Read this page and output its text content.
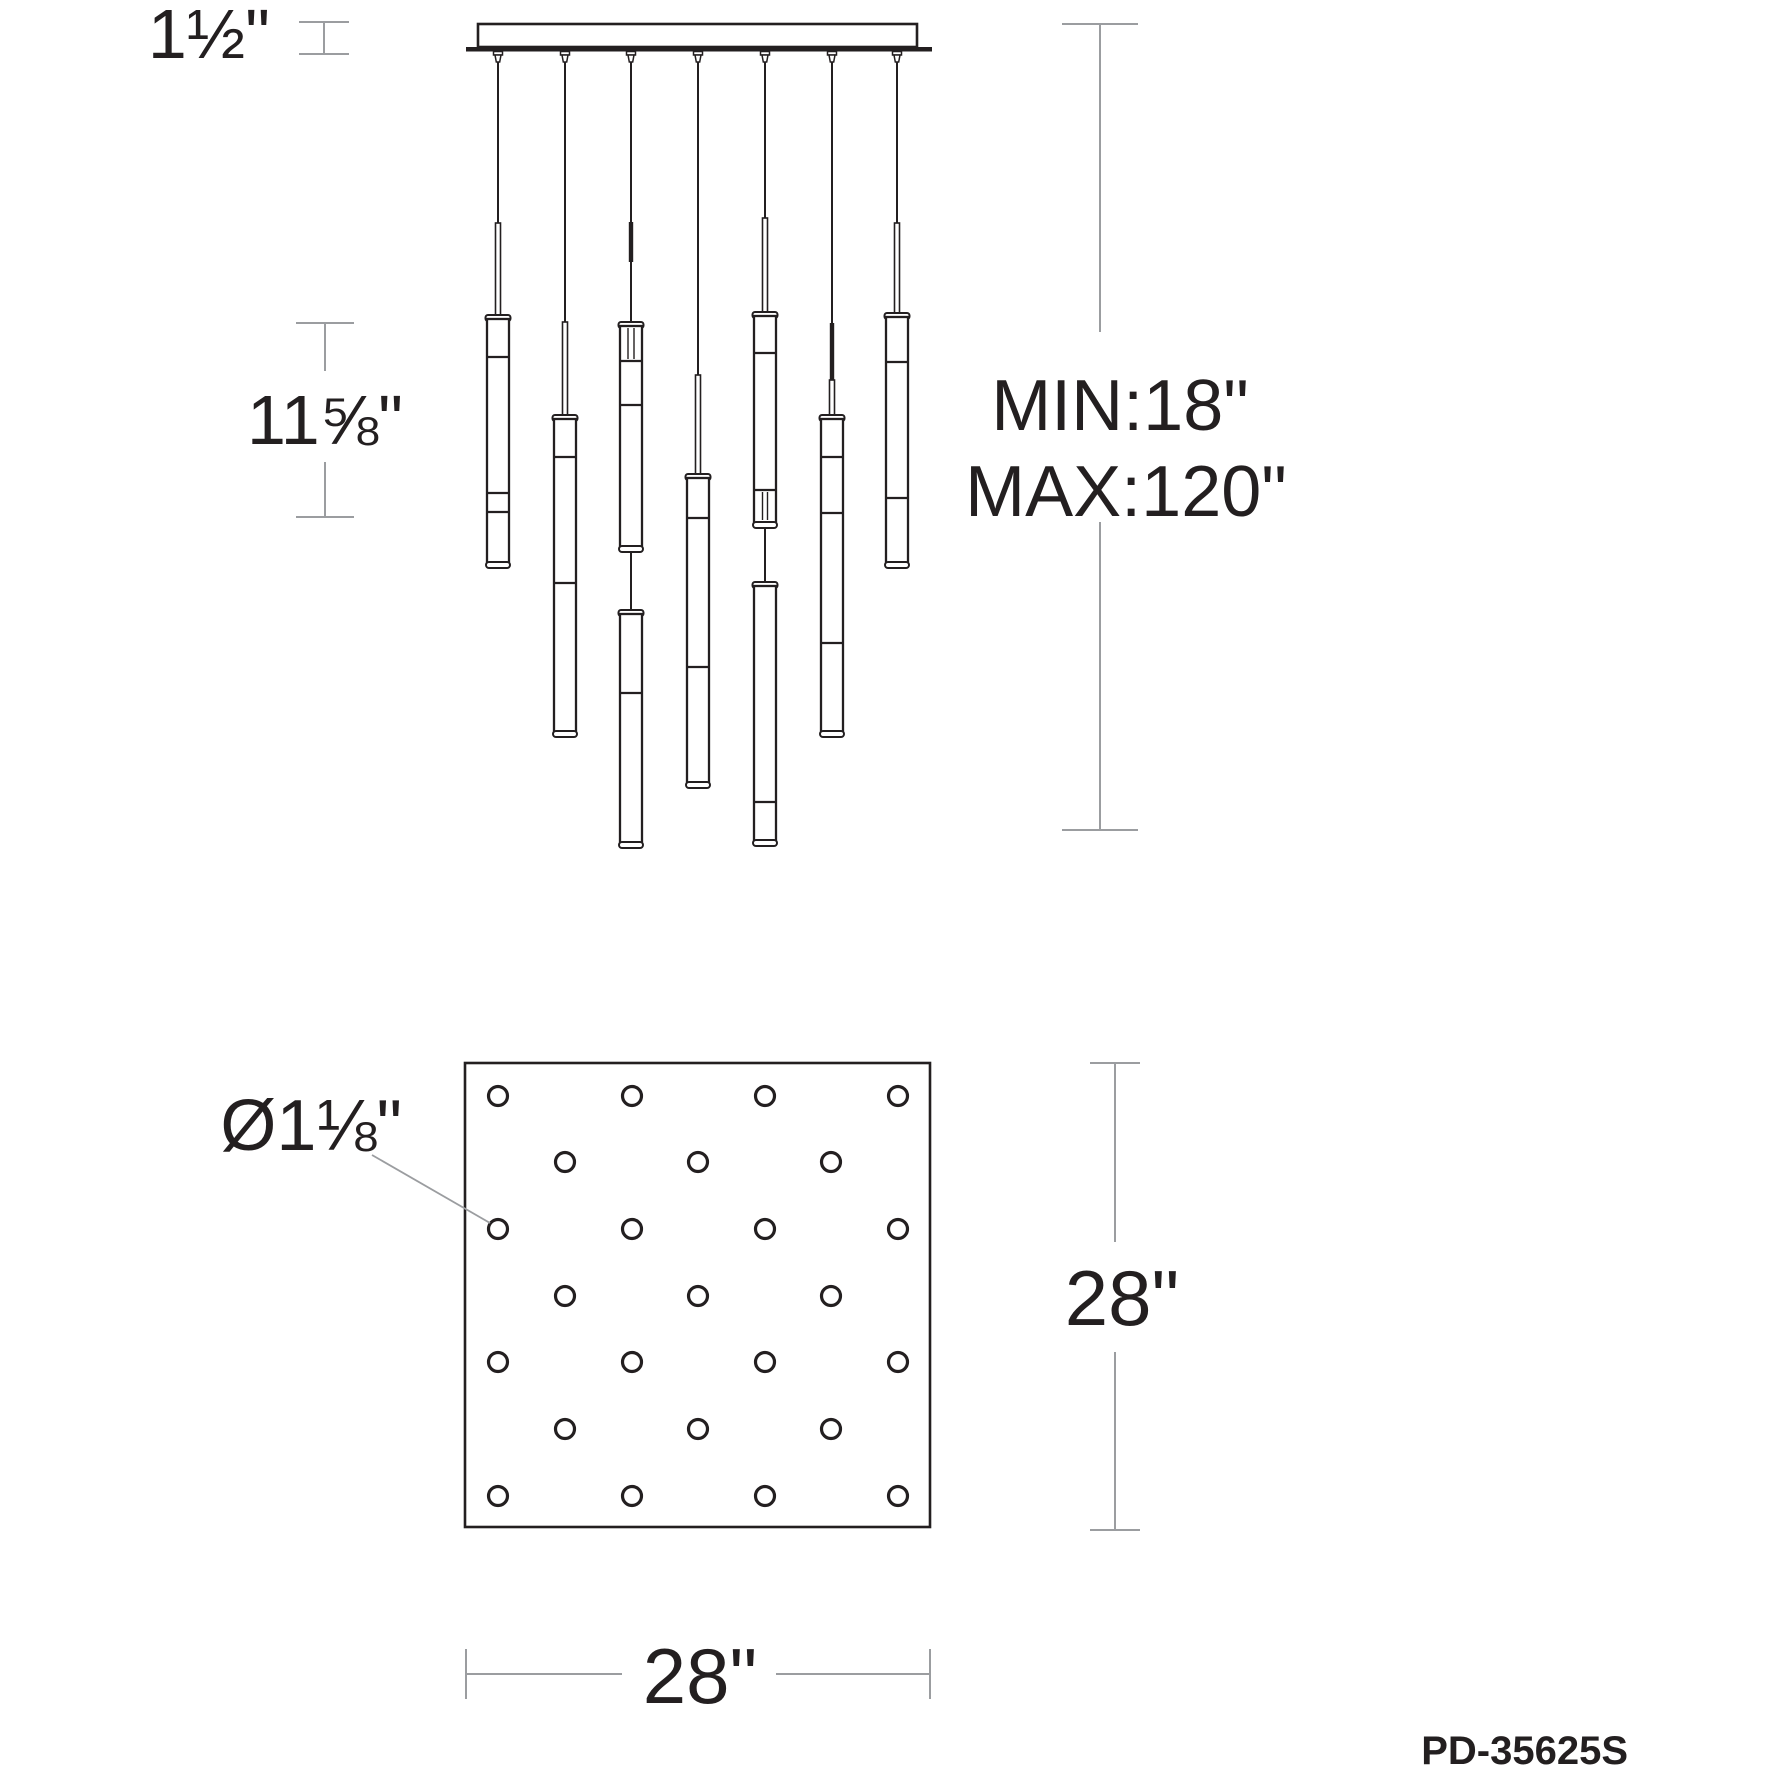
1½"
11⅝"	MIN:18"
MAX:120"
Ø1⅛"
28"
28"
PD-35625S
